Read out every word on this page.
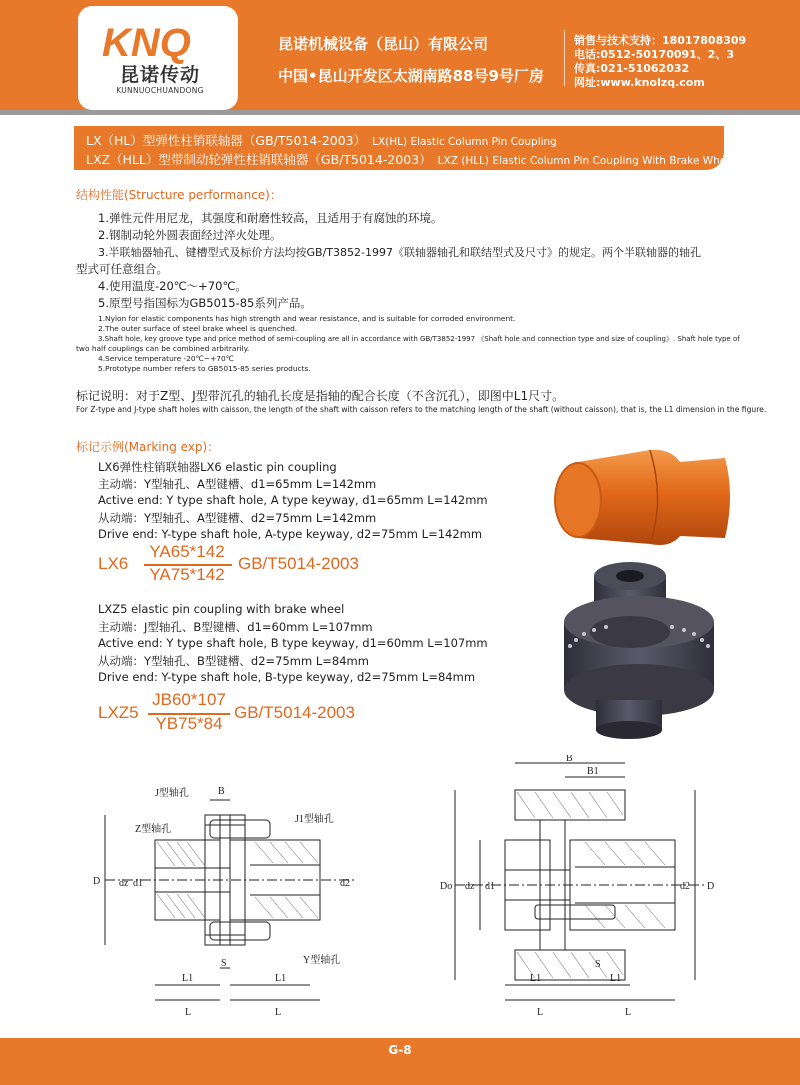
KNQ
昆诺传动
KUNNUOCHUANDONG
昆诺机械设备（昆山）有限公司
中国•昆山开发区太湖南路88号9号厂房
销售与技术支持：18017808309
电话:0512-50170091、2、3
传真:021-51062032
网址:www.knolzq.com
LX（HL）型弹性柱销联轴器（GB/T5014-2003） LX(HL) Elastic Column Pin Coupling
LXZ（HLL）型带制动轮弹性柱销联轴器（GB/T5014-2003） LXZ (HLL) Elastic Column Pin Coupling With Brake Wheel
结构性能(Structure performance)：
1.弹性元件用尼龙，其强度和耐磨性较高，且适用于有腐蚀的环境。
2.钢制动轮外圆表面经过淬火处理。
3.半联轴器轴孔、键槽型式及标价方法均按GB/T3852-1997《联轴器轴孔和联结型式及尺寸》的规定。两个半联轴器的轴孔
型式可任意组合。
4.使用温度-20℃～+70℃。
5.原型号指国标为GB5015-85系列产品。
1.Nylon for elastic components has high strength and wear resistance, and is suitable for corroded environment.
2.The outer surface of steel brake wheel is quenched.
3.Shaft hole, key groove type and price method of semi-coupling are all in accordance with GB/T3852-1997 《Shaft hole and connection type and size of coupling》. Shaft hole type of
two half couplings can be combined arbitrarily.
4.Service temperature -20℃~+70℃
5.Prototype number refers to GB5015-85 series products.
标记说明：对于Z型、J型带沉孔的轴孔长度是指轴的配合长度（不含沉孔），即图中L1尺寸。
For Z-type and J-type shaft holes with caisson, the length of the shaft with caisson refers to the matching length of the shaft (without caisson), that is, the L1 dimension in the figure.
标记示例(Marking exp)：
LX6弹性柱销联轴器LX6 elastic pin coupling
主动端：Y型轴孔、A型键槽、d1=65mm L=142mm
Active end: Y type shaft hole, A type keyway, d1=65mm L=142mm
从动端：Y型轴孔、A型键槽、d2=75mm L=142mm
Drive end: Y-type shaft hole, A-type keyway, d2=75mm L=142mm
LX6
YA65*142
YA75*142
GB/T5014-2003
LXZ5 elastic pin coupling with brake wheel
主动端：J型轴孔、B型键槽、d1=60mm L=107mm
Active end: Y type shaft hole, B type keyway, d1=60mm L=107mm
从动端：Y型轴孔、B型键槽、d2=75mm L=84mm
Drive end: Y-type shaft hole, B-type keyway, d2=75mm L=84mm
LXZ5
JB60*107
YB75*84
GB/T5014-2003
J型轴孔
Z型轴孔
J1型轴孔
Y型轴孔
B
D dz d1	d2
L1	L1
S
L	L
B
B1
Do dz d1	d2 D
L1	L1
S
L	L
G-8
